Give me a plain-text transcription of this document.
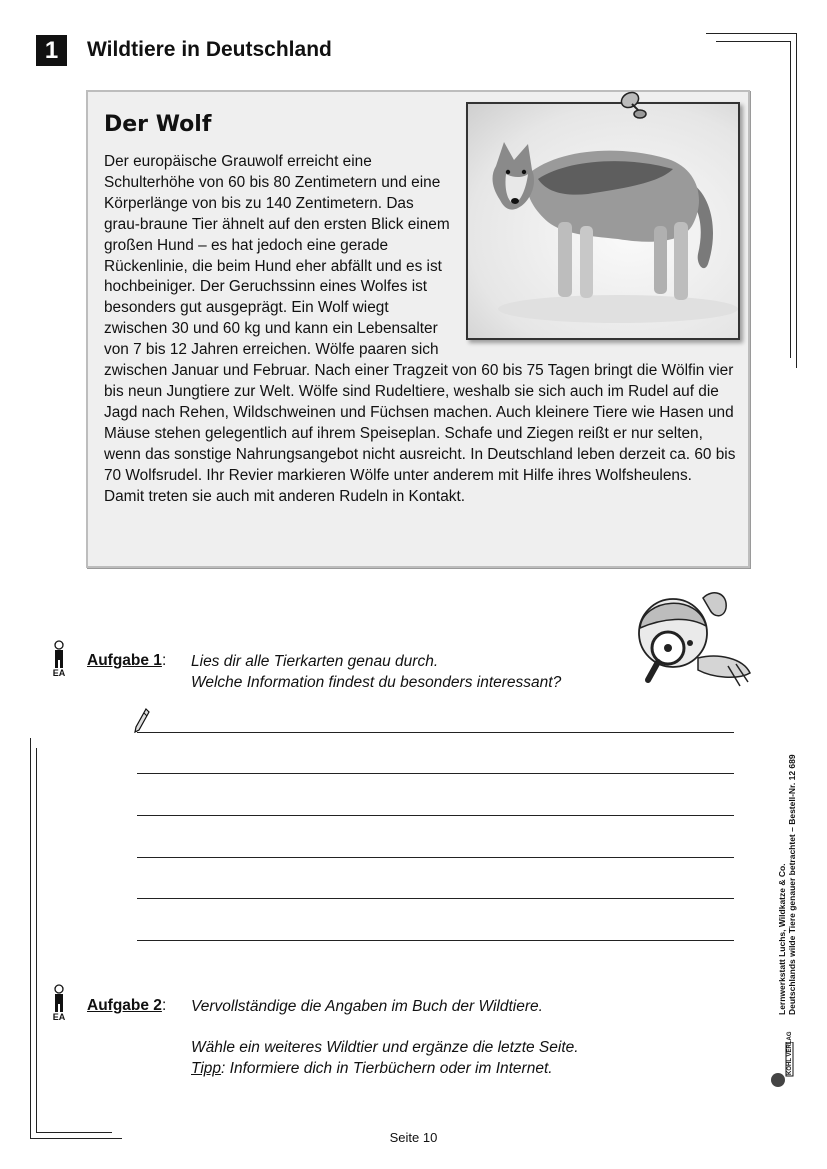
1	Wildtiere in Deutschland
Der Wolf
Der europäische Grauwolf erreicht eine Schulterhöhe von 60 bis 80 Zentimetern und eine Körperlänge von bis zu 140 Zentimetern. Das grau-braune Tier ähnelt auf den ersten Blick einem großen Hund – es hat jedoch eine gerade Rückenlinie, die beim Hund eher abfällt und es ist hochbeiniger. Der Geruchssinn eines Wolfes ist besonders gut ausgeprägt. Ein Wolf wiegt zwischen 30 und 60 kg und kann ein Lebensalter von 7 bis 12 Jahren erreichen. Wölfe paaren sich zwischen Januar und Februar. Nach einer Tragzeit von 60 bis 75 Tagen bringt die Wölfin vier bis neun Jungtiere zur Welt. Wölfe sind Rudeltiere, weshalb sie sich auch im Rudel auf die Jagd nach Rehen, Wildschweinen und Füchsen machen. Auch kleinere Tiere wie Hasen und Mäuse stehen gelegentlich auf ihrem Speiseplan. Schafe und Ziegen reißt er nur selten, wenn das sonstige Nahrungsangebot nicht ausreicht. In Deutschland leben derzeit ca. 60 bis 70 Wolfsrudel. Ihr Revier markieren Wölfe unter anderem mit Hilfe ihres Wolfsheulens. Damit treten sie auch mit anderen Rudeln in Kontakt.
EA
Aufgabe 1: Lies dir alle Tierkarten genau durch.
Welche Information findest du besonders interessant?
EA
Aufgabe 2: Vervollständige die Angaben im Buch der Wildtiere.
Wähle ein weiteres Wildtier und ergänze die letzte Seite.
Tipp: Informiere dich in Tierbüchern oder im Internet.
Lernwerkstatt Luchs, Wildkatze & Co. Deutschlands wilde Tiere genauer betrachtet – Bestell-Nr. 12 689
KOHL VERLAG
Seite 10
